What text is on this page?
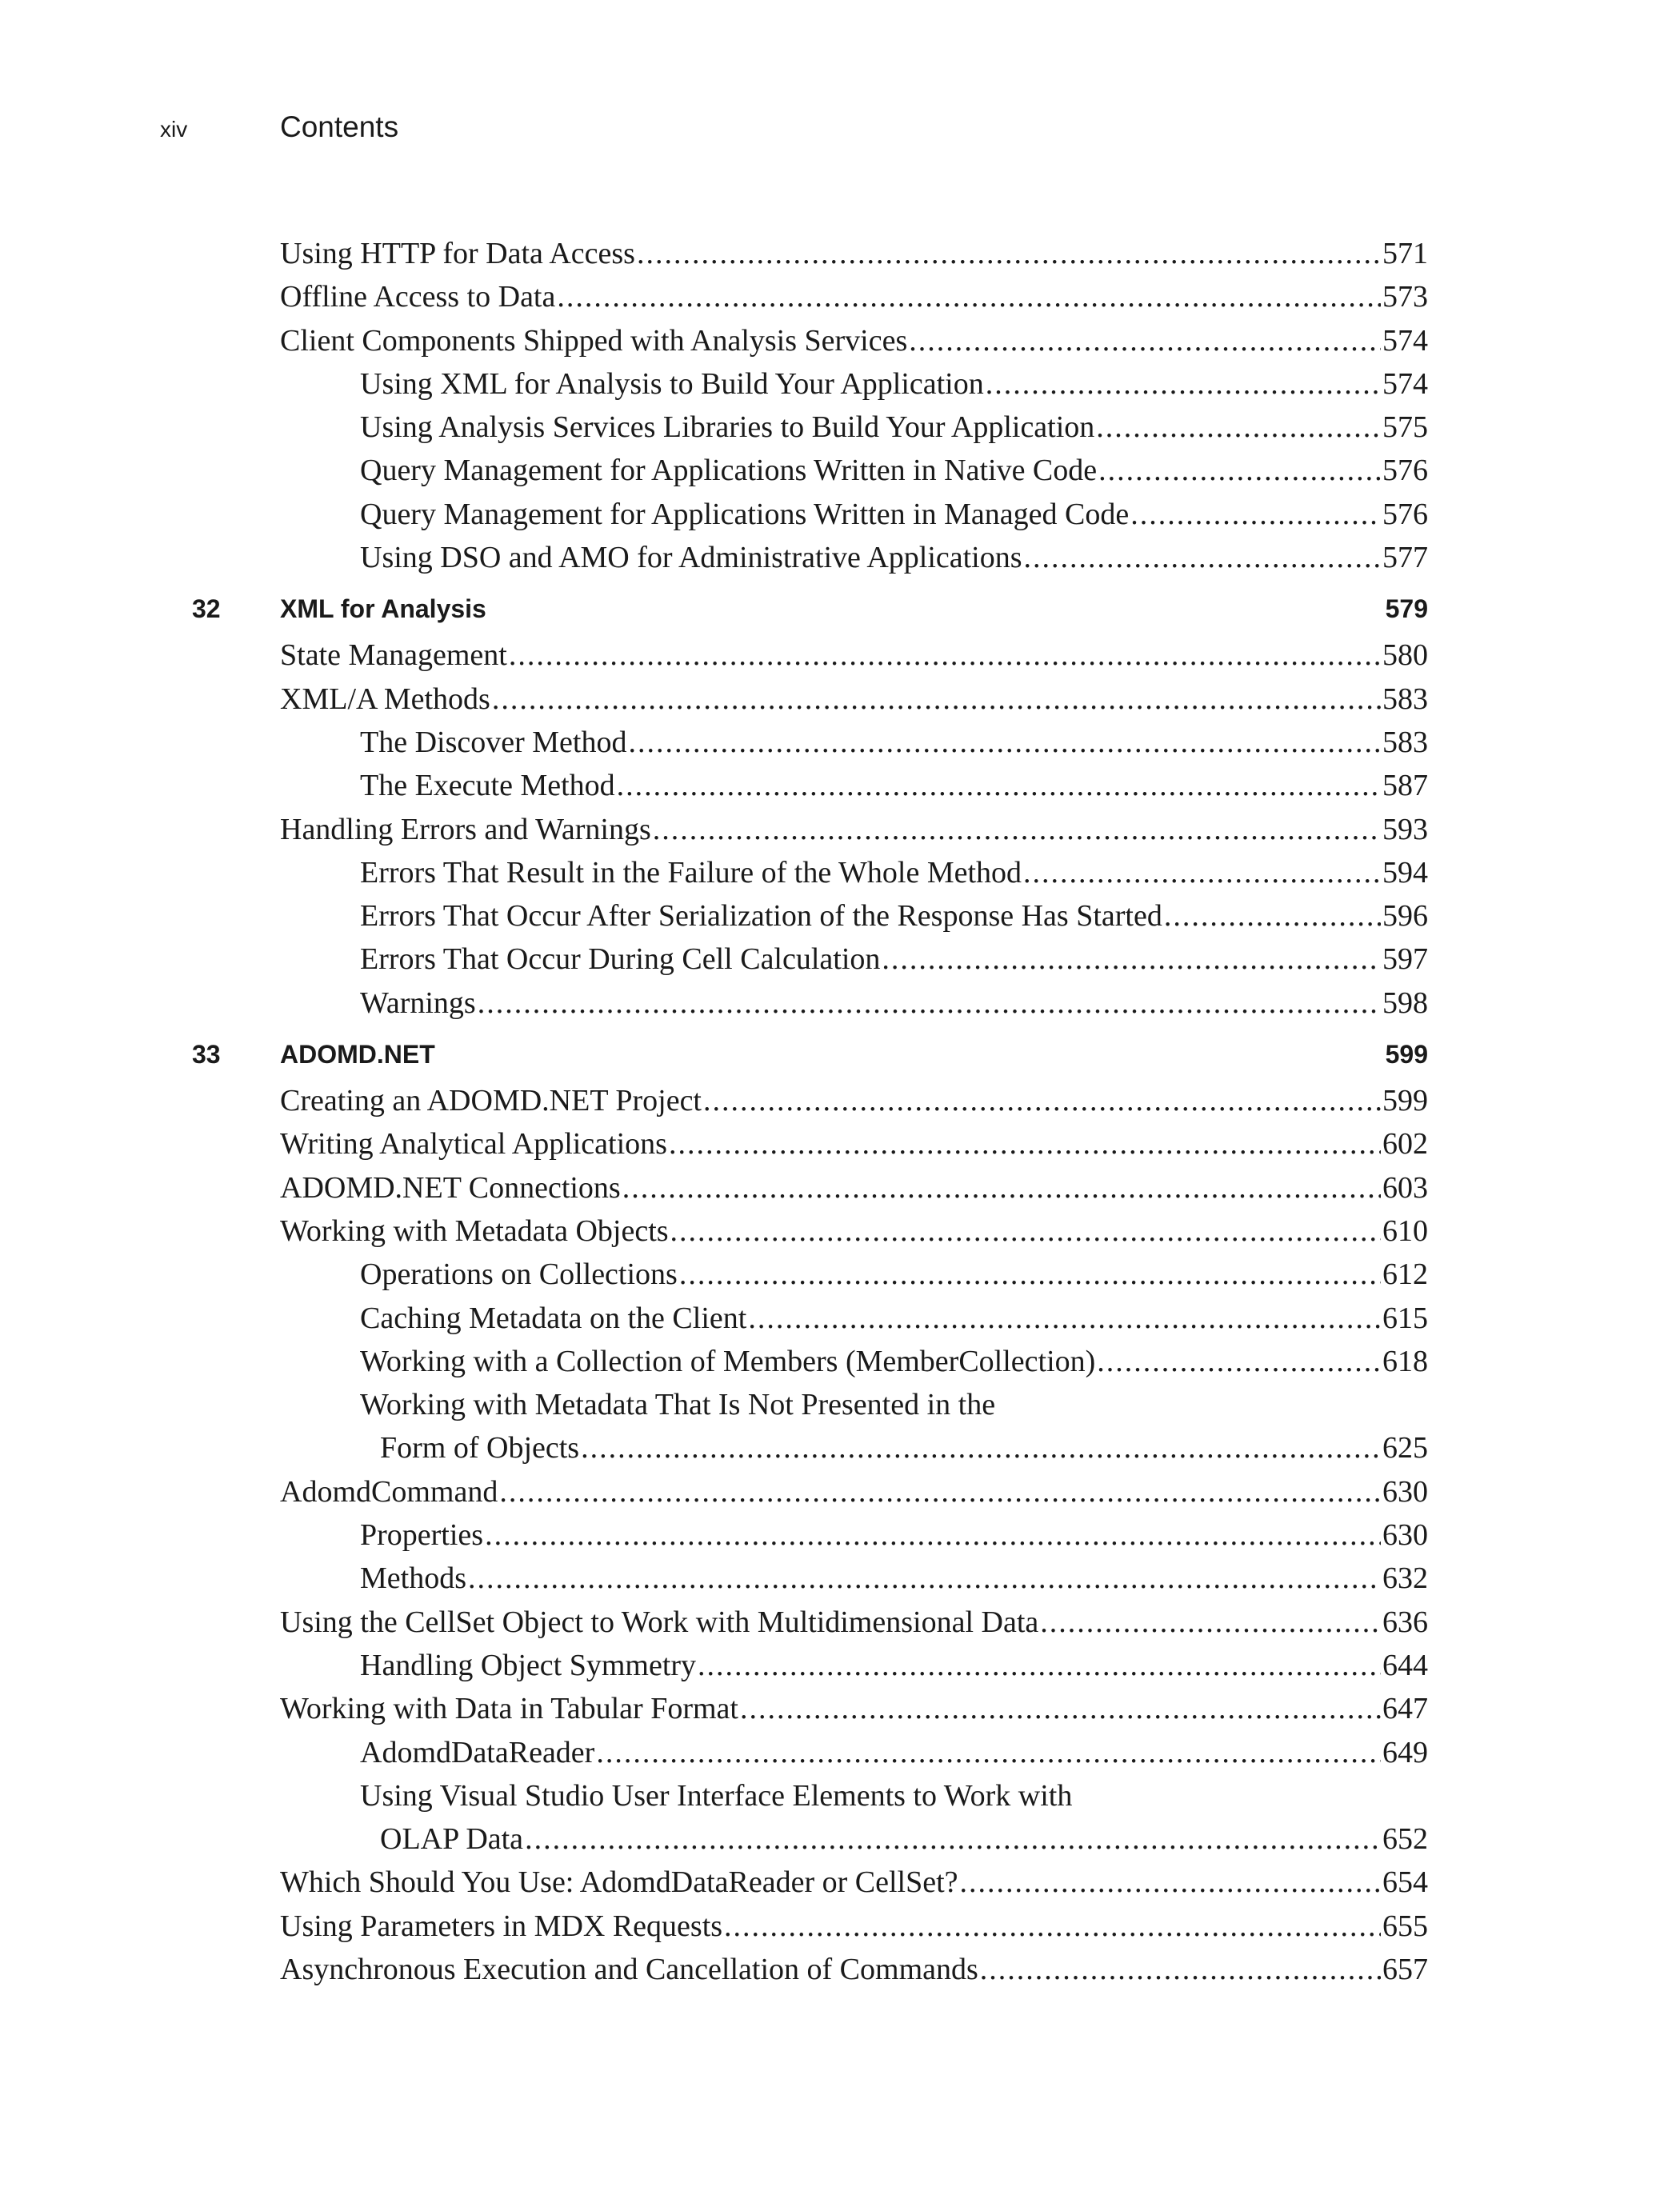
xiv	Contents
Using HTTP for Data Access .....	571
Offline Access to Data .....	573
Client Components Shipped with Analysis Services .....	574
Using XML for Analysis to Build Your Application .....	574
Using Analysis Services Libraries to Build Your Application .....	575
Query Management for Applications Written in Native Code .....	576
Query Management for Applications Written in Managed Code .....	576
Using DSO and AMO for Administrative Applications .....	577
32	XML for Analysis	579
State Management .....	580
XML/A Methods .....	583
The Discover Method .....	583
The Execute Method .....	587
Handling Errors and Warnings .....	593
Errors That Result in the Failure of the Whole Method .....	594
Errors That Occur After Serialization of the Response Has Started .....	596
Errors That Occur During Cell Calculation .....	597
Warnings .....	598
33	ADOMD.NET	599
Creating an ADOMD.NET Project .....	599
Writing Analytical Applications .....	602
ADOMD.NET Connections .....	603
Working with Metadata Objects .....	610
Operations on Collections .....	612
Caching Metadata on the Client .....	615
Working with a Collection of Members (MemberCollection) .....	618
Working with Metadata That Is Not Presented in the
Form of Objects .....	625
AdomdCommand .....	630
Properties .....	630
Methods .....	632
Using the CellSet Object to Work with Multidimensional Data .....	636
Handling Object Symmetry .....	644
Working with Data in Tabular Format .....	647
AdomdDataReader .....	649
Using Visual Studio User Interface Elements to Work with
OLAP Data .....	652
Which Should You Use: AdomdDataReader or CellSet? .....	654
Using Parameters in MDX Requests .....	655
Asynchronous Execution and Cancellation of Commands .....	657
